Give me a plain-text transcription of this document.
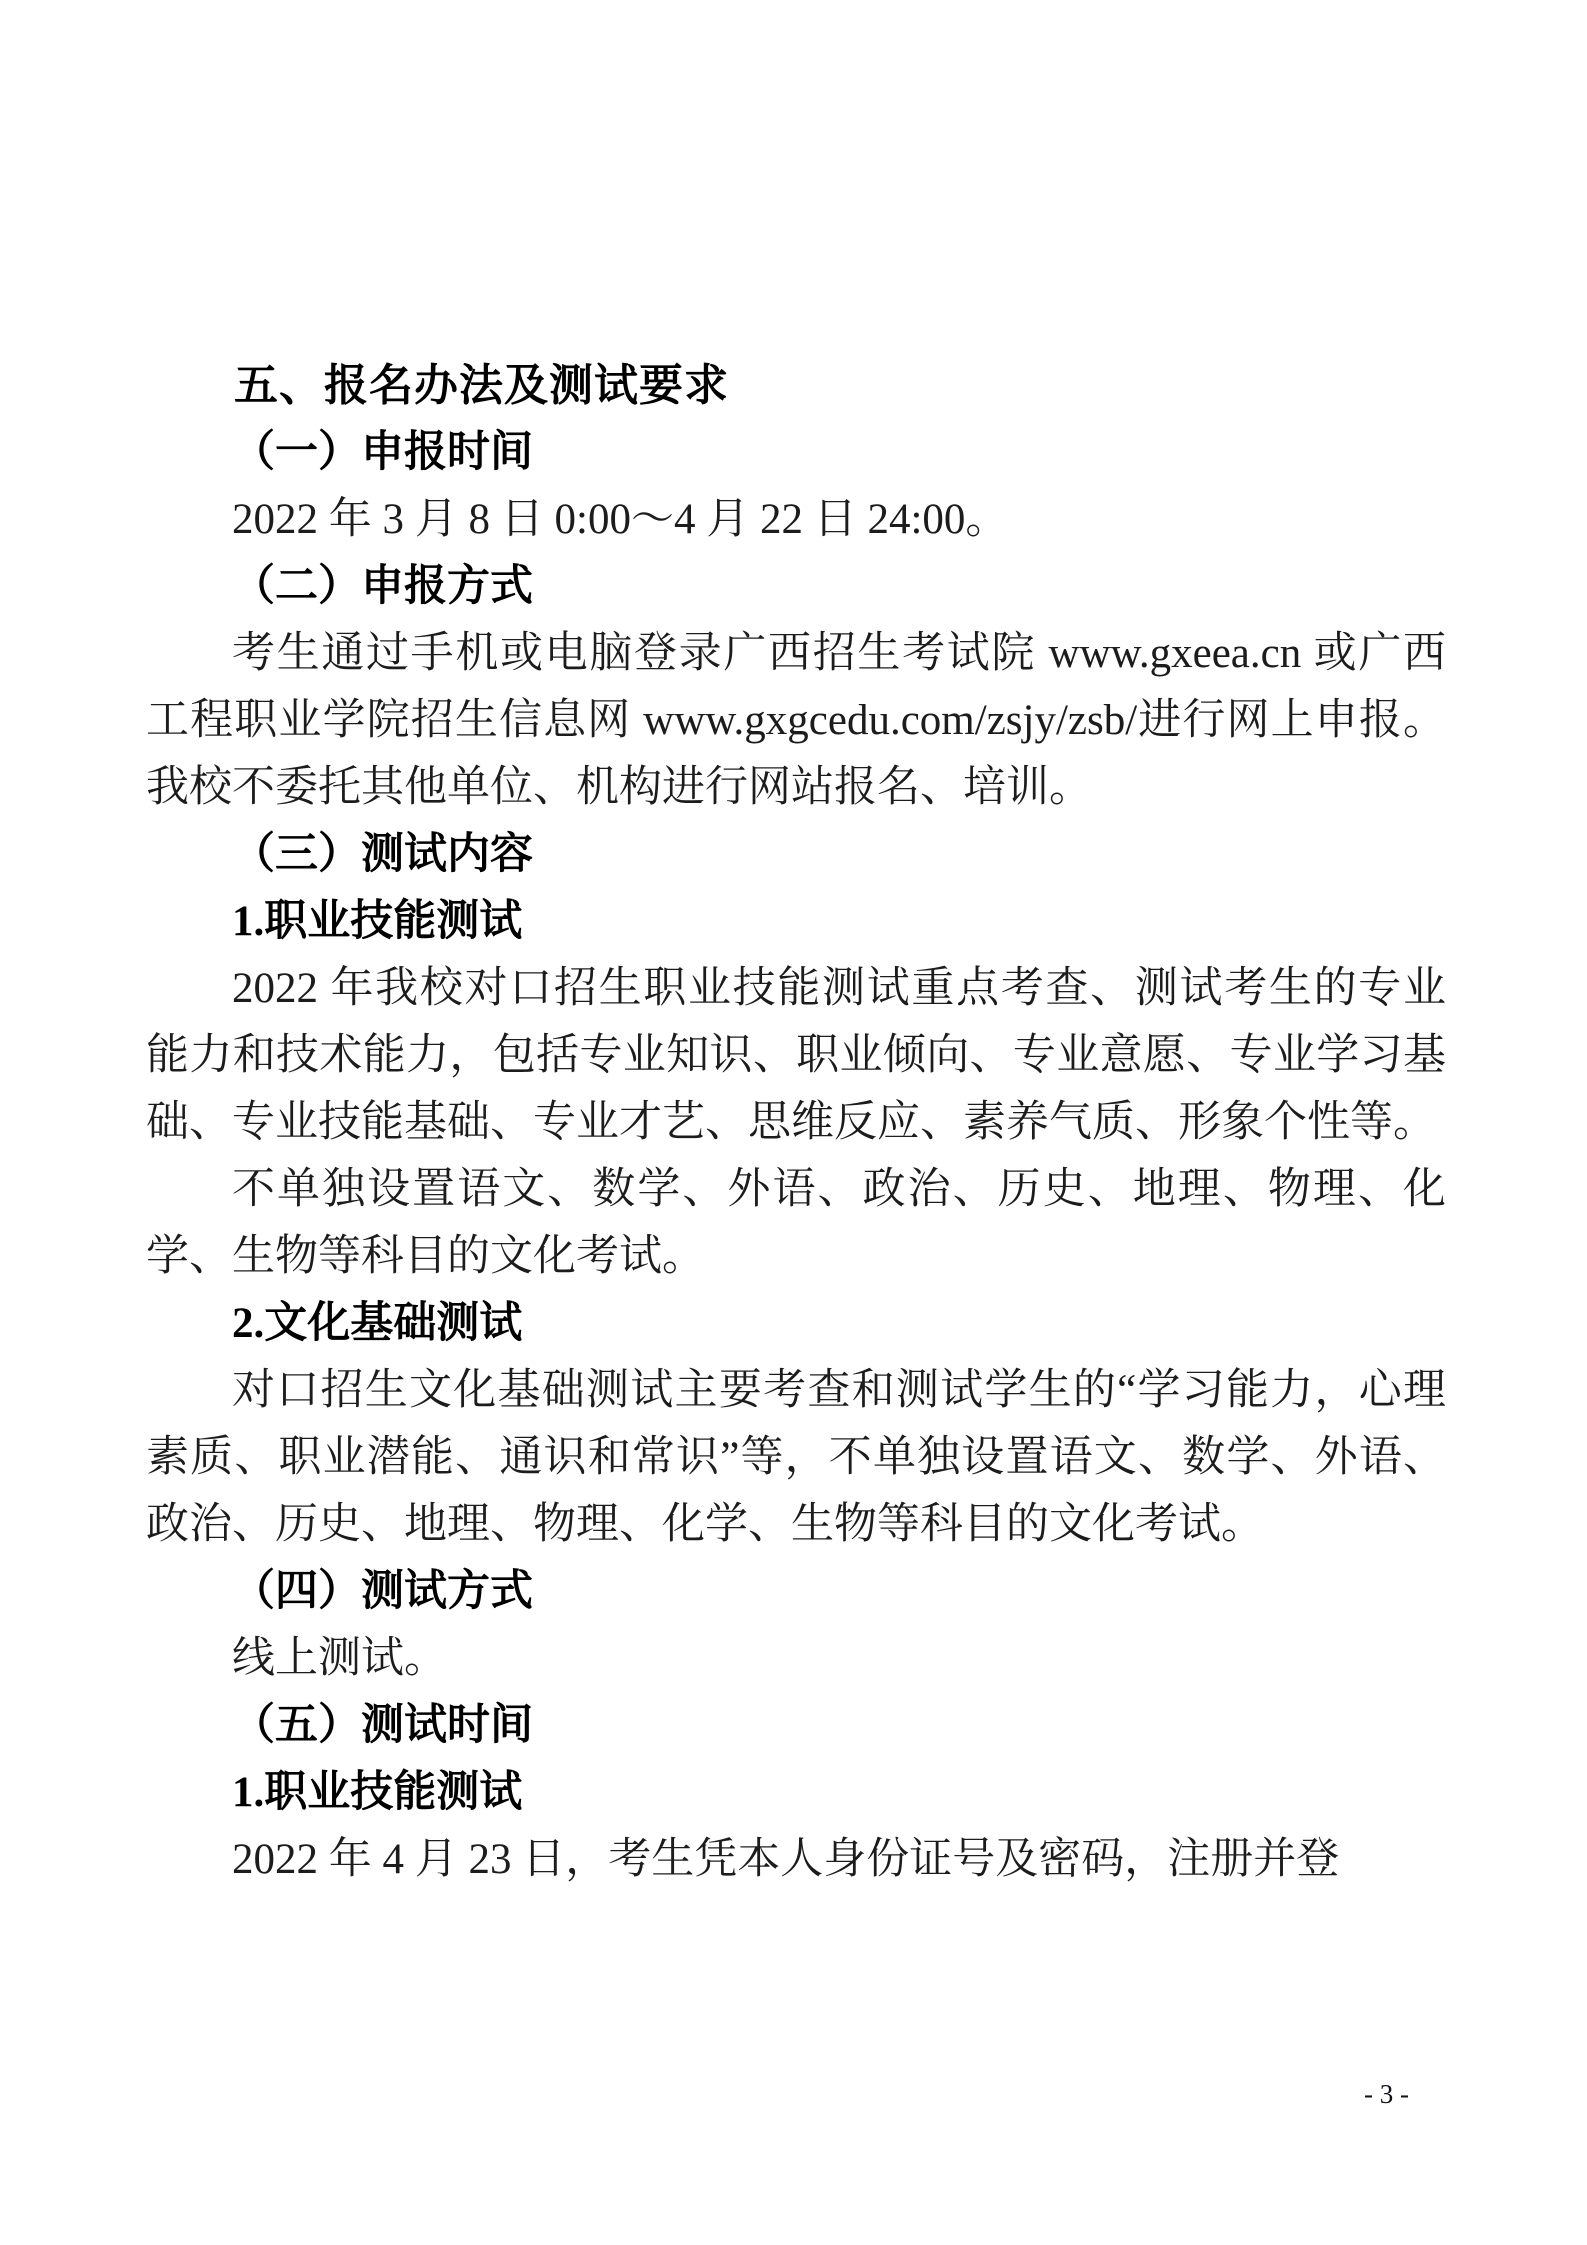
五、报名办法及测试要求
（一）申报时间
2022 年 3 月 8 日 0:00～4 月 22 日 24:00。
（二）申报方式
考生通过手机或电脑登录广西招生考试院 www.gxeea.cn 或广西工程职业学院招生信息网 www.gxgcedu.com/zsjy/zsb/进行网上申报。我校不委托其他单位、机构进行网站报名、培训。
（三）测试内容
1.职业技能测试
2022 年我校对口招生职业技能测试重点考查、测试考生的专业能力和技术能力，包括专业知识、职业倾向、专业意愿、专业学习基础、专业技能基础、专业才艺、思维反应、素养气质、形象个性等。
不单独设置语文、数学、外语、政治、历史、地理、物理、化学、生物等科目的文化考试。
2.文化基础测试
对口招生文化基础测试主要考查和测试学生的“学习能力，心理素质、职业潜能、通识和常识”等，不单独设置语文、数学、外语、政治、历史、地理、物理、化学、生物等科目的文化考试。
（四）测试方式
线上测试。
（五）测试时间
1.职业技能测试
2022 年 4 月 23 日，考生凭本人身份证号及密码，注册并登
- 3 -
